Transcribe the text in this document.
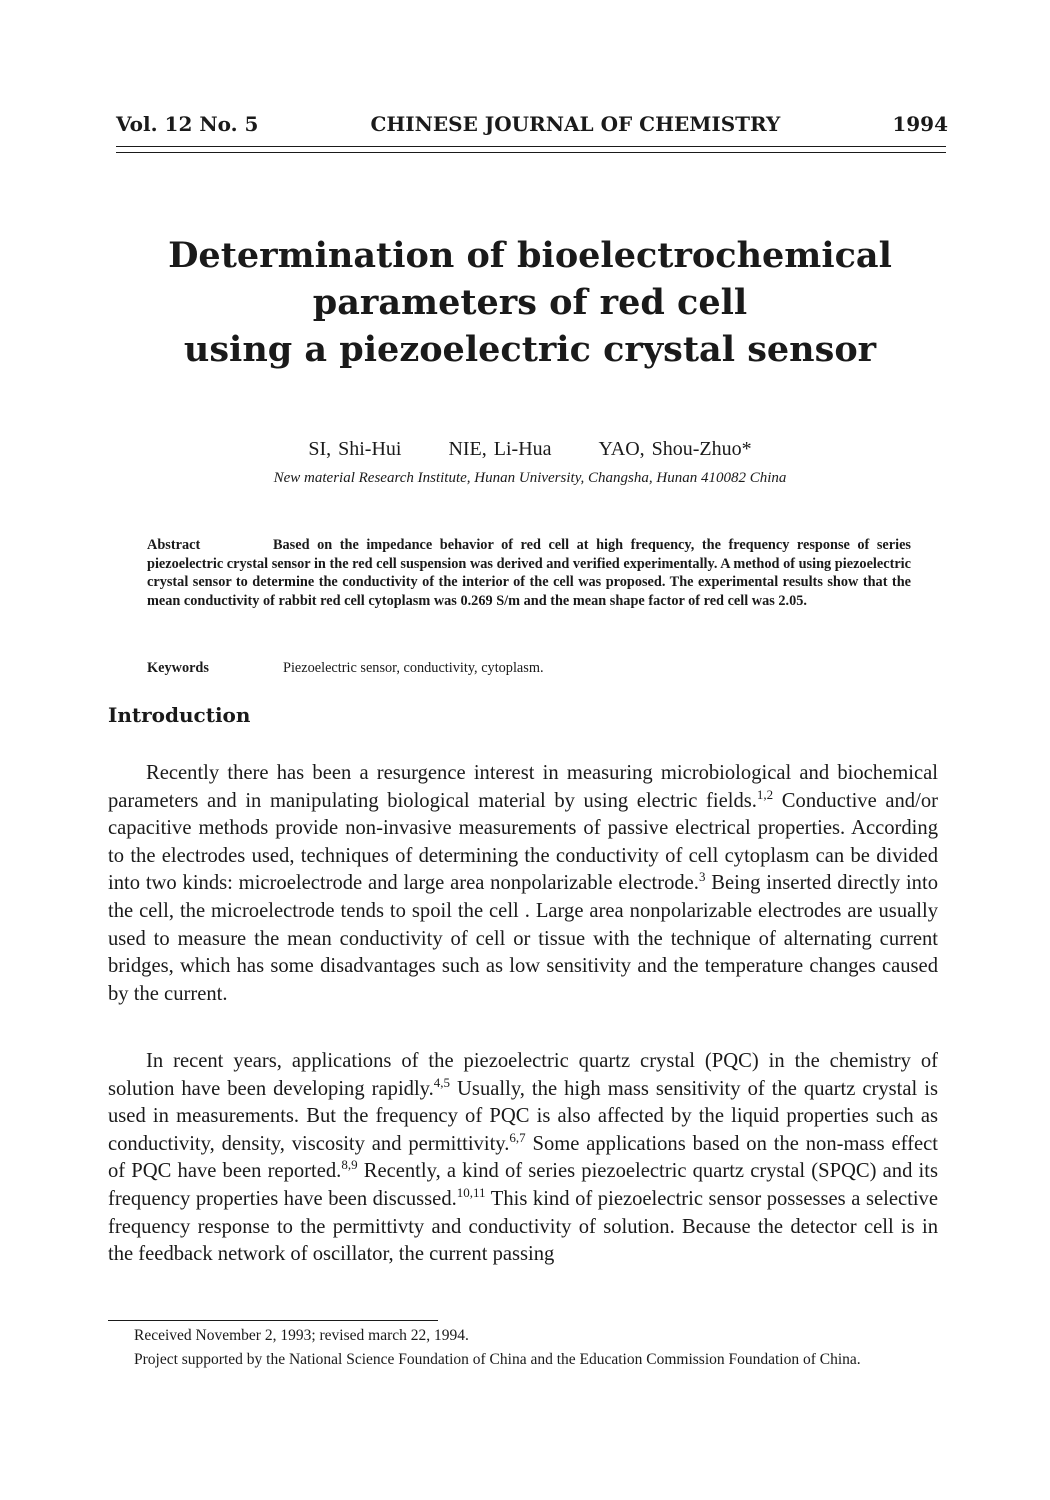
Vol. 12 No. 5	CHINESE JOURNAL OF CHEMISTRY	1994
Determination of bioelectrochemical
parameters of red cell
using a piezoelectric crystal sensor
SI, Shi-Hui NIE, Li-Hua YAO, Shou-Zhuo*
New material Research Institute, Hunan University, Changsha, Hunan 410082 China

Abstract	Based on the impedance behavior of red cell at high frequency, the frequency response of series piezoelectric crystal sensor in the red cell suspension was derived and verified experimentally. A method of using piezoelectric crystal sensor to determine the conductivity of the interior of the cell was proposed. The experimental results show that the mean conductivity of rabbit red cell cytoplasm was 0.269 S/m and the mean shape factor of red cell was 2.05.

Keywords	Piezoelectric sensor, conductivity, cytoplasm.
Introduction

Recently there has been a resurgence interest in measuring microbiological and biochemical parameters and in manipulating biological material by using electric fields.$^{1,2}$ Conductive and/or capacitive methods provide non-invasive measurements of passive electrical properties. According to the electrodes used, techniques of determining the conductivity of cell cytoplasm can be divided into two kinds: microelectrode and large area nonpolarizable electrode.$^3$ Being inserted directly into the cell, the microelectrode tends to spoil the cell . Large area nonpolarizable electrodes are usually used to measure the mean conductivity of cell or tissue with the technique of alternating current bridges, which has some disadvantages such as low sensitivity and the temperature changes caused by the current.

In recent years, applications of the piezoelectric quartz crystal (PQC) in the chemistry of solution have been developing rapidly.$^{4,5}$ Usually, the high mass sensitivity of the quartz crystal is used in measurements. But the frequency of PQC is also affected by the liquid properties such as conductivity, density, viscosity and permittivity.$^{6,7}$ Some applications based on the non-mass effect of PQC have been reported.$^{8,9}$ Recently, a kind of series piezoelectric quartz crystal (SPQC) and its frequency properties have been discussed.$^{10,11}$ This kind of piezoelectric sensor possesses a selective frequency response to the permittivty and conductivity of solution. Because the detector cell is in the feedback network of oscillator, the current passing

Received November 2, 1993; revised march 22, 1994.

Project supported by the National Science Foundation of China and the Education Commission Foundation of China.
